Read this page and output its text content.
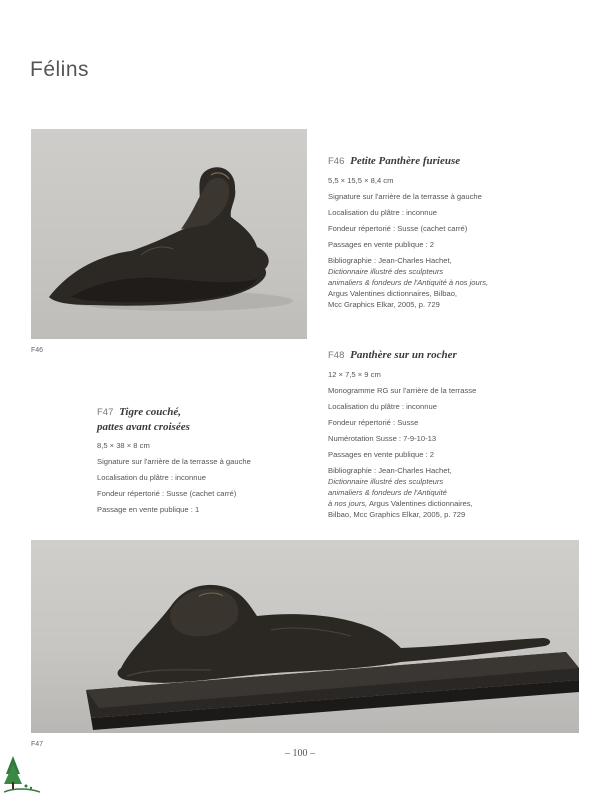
Félins
F46
F46 Petite Panthère furieuse

5,5 × 15,5 × 8,4 cm

Signature sur l'arrière de la terrasse à gauche

Localisation du plâtre : inconnue

Fondeur répertorié : Susse (cachet carré)

Passages en vente publique : 2

Bibliographie : Jean-Charles Hachet,
Dictionnaire illustré des sculpteurs
animaliers & fondeurs de l'Antiquité à nos jours,
Argus Valentines dictionnaires, Bilbao,
Mcc Graphics Elkar, 2005, p. 729

F48 Panthère sur un rocher

12 × 7,5 × 9 cm

Monogramme RG sur l'arrière de la terrasse

Localisation du plâtre : inconnue

Fondeur répertorié : Susse

Numérotation Susse : 7-9-10-13

Passages en vente publique : 2

Bibliographie : Jean-Charles Hachet,
Dictionnaire illustré des sculpteurs
animaliers & fondeurs de l'Antiquité
à nos jours, Argus Valentines dictionnaires,
Bilbao, Mcc Graphics Elkar, 2005, p. 729

F47 Tigre couché,
pattes avant croisées

8,5 × 38 × 8 cm

Signature sur l'arrière de la terrasse à gauche

Localisation du plâtre : inconnue

Fondeur répertorié : Susse (cachet carré)

Passage en vente publique : 1

F47
– 100 –
